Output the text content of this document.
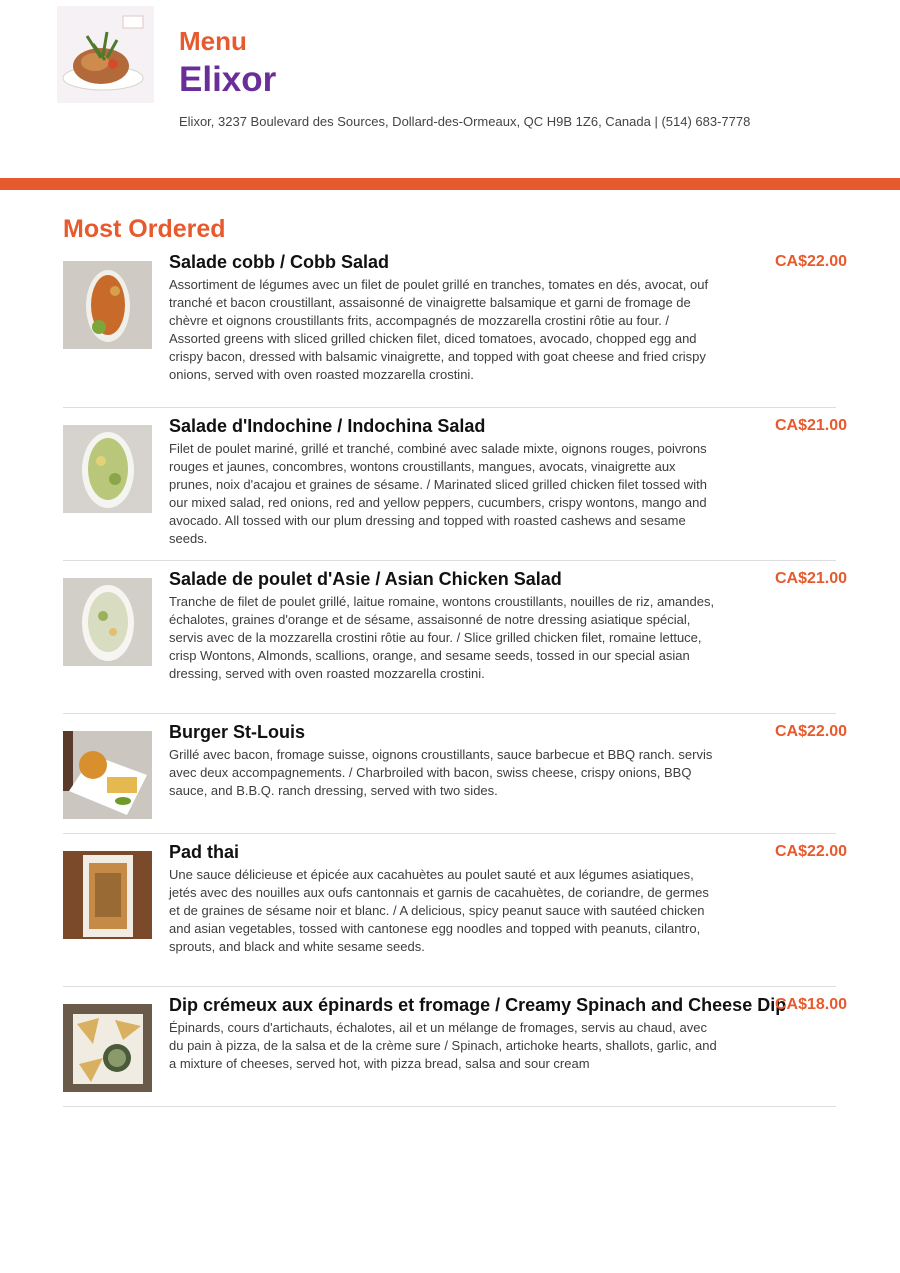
Menu
Elixor
Elixor, 3237 Boulevard des Sources, Dollard-des-Ormeaux, QC H9B 1Z6, Canada | (514) 683-7778
Most Ordered
Salade cobb / Cobb Salad
Assortiment de légumes avec un filet de poulet grillé en tranches, tomates en dés, avocat, ouf tranché et bacon croustillant, assaisonné de vinaigrette balsamique et garni de fromage de chèvre et oignons croustillants frits, accompagnés de mozzarella crostini rôtie au four. / Assorted greens with sliced grilled chicken filet, diced tomatoes, avocado, chopped egg and crispy bacon, dressed with balsamic vinaigrette, and topped with goat cheese and fried crispy onions, served with oven roasted mozzarella crostini.
CA$22.00
Salade d'Indochine / Indochina Salad
Filet de poulet mariné, grillé et tranché, combiné avec salade mixte, oignons rouges, poivrons rouges et jaunes, concombres, wontons croustillants, mangues, avocats, vinaigrette aux prunes, noix d'acajou et graines de sésame. / Marinated sliced grilled chicken filet tossed with our mixed salad, red onions, red and yellow peppers, cucumbers, crispy wontons, mango and avocado. All tossed with our plum dressing and topped with roasted cashews and sesame seeds.
CA$21.00
Salade de poulet d'Asie / Asian Chicken Salad
Tranche de filet de poulet grillé, laitue romaine, wontons croustillants, nouilles de riz, amandes, échalotes, graines d'orange et de sésame, assaisonné de notre dressing asiatique spécial, servis avec de la mozzarella crostini rôtie au four. / Slice grilled chicken filet, romaine lettuce, crisp Wontons, Almonds, scallions, orange, and sesame seeds, tossed in our special asian dressing, served with oven roasted mozzarella crostini.
CA$21.00
Burger St-Louis
Grillé avec bacon, fromage suisse, oignons croustillants, sauce barbecue et BBQ ranch. servis avec deux accompagnements. / Charbroiled with bacon, swiss cheese, crispy onions, BBQ sauce, and B.B.Q. ranch dressing, served with two sides.
CA$22.00
Pad thai
Une sauce délicieuse et épicée aux cacahuètes au poulet sauté et aux légumes asiatiques, jetés avec des nouilles aux oufs cantonnais et garnis de cacahuètes, de coriandre, de germes et de graines de sésame noir et blanc. / A delicious, spicy peanut sauce with sautéed chicken and asian vegetables, tossed with cantonese egg noodles and topped with peanuts, cilantro, sprouts, and black and white sesame seeds.
CA$22.00
Dip crémeux aux épinards et fromage / Creamy Spinach and Cheese Dip
Épinards, cours d'artichauts, échalotes, ail et un mélange de fromages, servis au chaud, avec du pain à pizza, de la salsa et de la crème sure / Spinach, artichoke hearts, shallots, garlic, and a mixture of cheeses, served hot, with pizza bread, salsa and sour cream
CA$18.00
